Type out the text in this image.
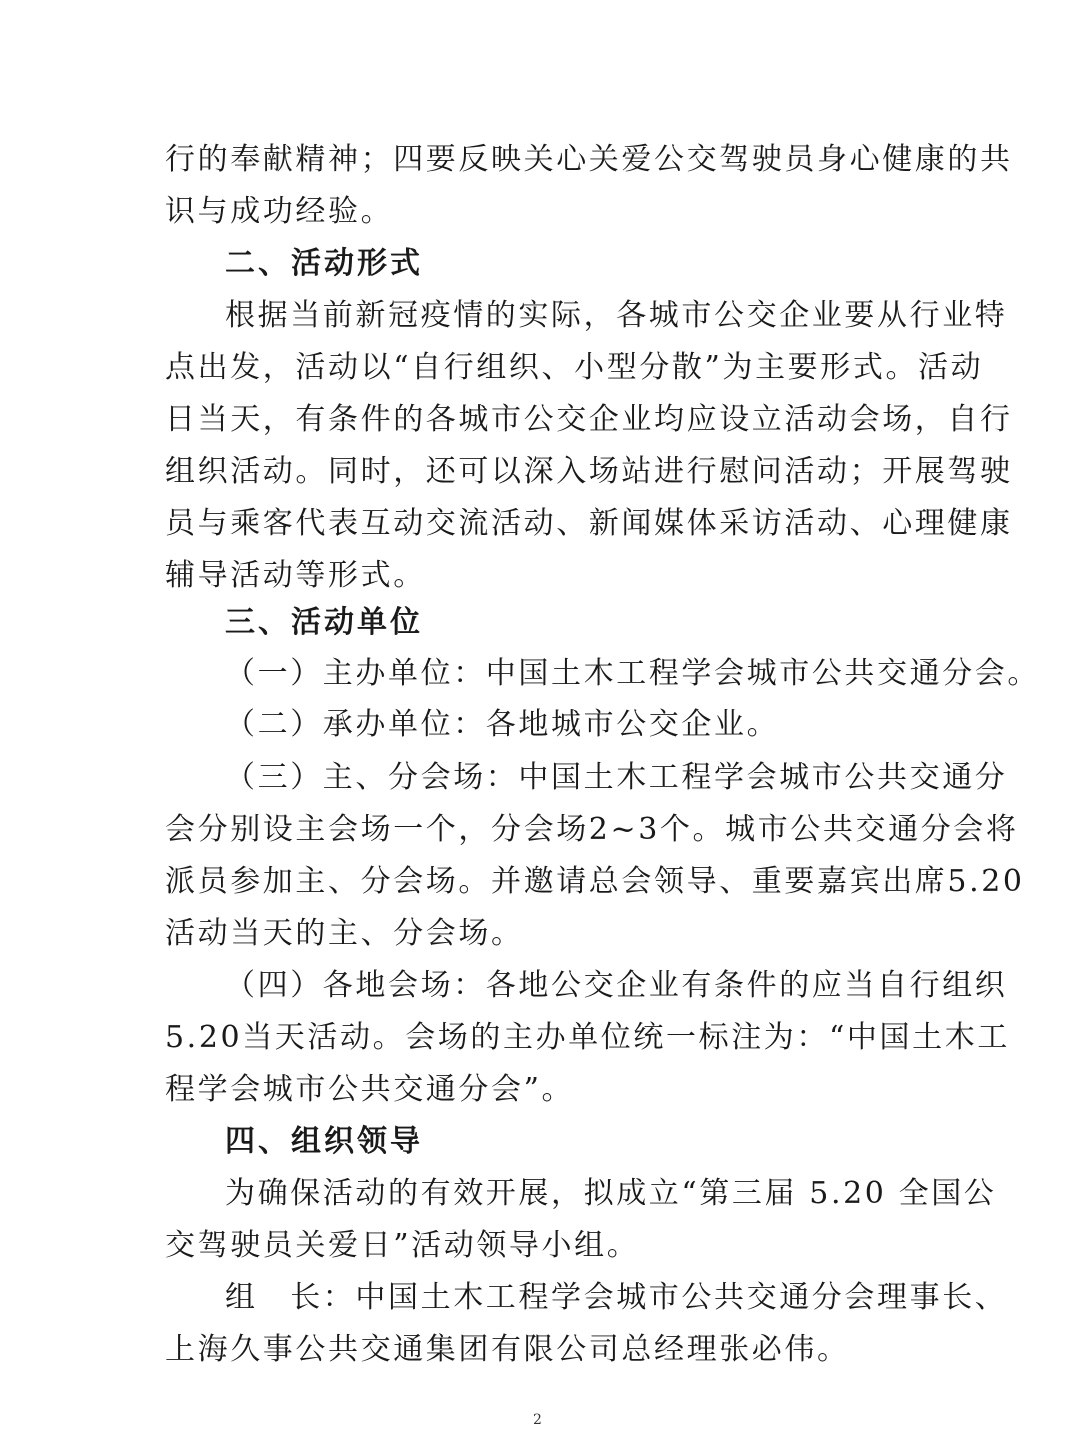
行的奉献精神；四要反映关心关爱公交驾驶员身心健康的共
识与成功经验。
二、活动形式
根据当前新冠疫情的实际，各城市公交企业要从行业特
点出发，活动以“自行组织、小型分散”为主要形式。活动
日当天，有条件的各城市公交企业均应设立活动会场，自行
组织活动。同时，还可以深入场站进行慰问活动；开展驾驶
员与乘客代表互动交流活动、新闻媒体采访活动、心理健康
辅导活动等形式。
三、活动单位
（一）主办单位：中国土木工程学会城市公共交通分会。
（二）承办单位：各地城市公交企业。
（三）主、分会场：中国土木工程学会城市公共交通分
会分别设主会场一个，分会场2~3个。城市公共交通分会将
派员参加主、分会场。并邀请总会领导、重要嘉宾出席5.20
活动当天的主、分会场。
（四）各地会场：各地公交企业有条件的应当自行组织
5.20当天活动。会场的主办单位统一标注为：“中国土木工
程学会城市公共交通分会”。
四、组织领导
为确保活动的有效开展，拟成立“第三届 5.20 全国公
交驾驶员关爱日”活动领导小组。
组　长：中国土木工程学会城市公共交通分会理事长、
上海久事公共交通集团有限公司总经理张必伟。
2
